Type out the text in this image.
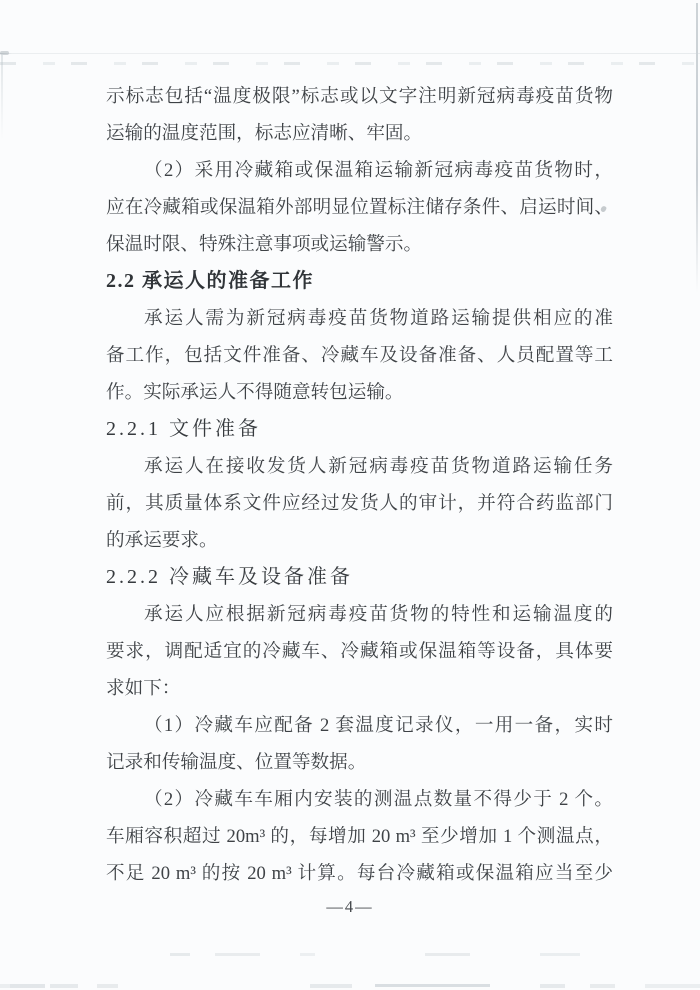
示标志包括“温度极限”标志或以文字注明新冠病毒疫苗货物
运输的温度范围，标志应清晰、牢固。
（2）采用冷藏箱或保温箱运输新冠病毒疫苗货物时，
应在冷藏箱或保温箱外部明显位置标注储存条件、启运时间、
保温时限、特殊注意事项或运输警示。
2.2 承运人的准备工作
承运人需为新冠病毒疫苗货物道路运输提供相应的准
备工作，包括文件准备、冷藏车及设备准备、人员配置等工
作。实际承运人不得随意转包运输。
2.2.1 文件准备
承运人在接收发货人新冠病毒疫苗货物道路运输任务
前，其质量体系文件应经过发货人的审计，并符合药监部门
的承运要求。
2.2.2 冷藏车及设备准备
承运人应根据新冠病毒疫苗货物的特性和运输温度的
要求，调配适宜的冷藏车、冷藏箱或保温箱等设备，具体要
求如下：
（1）冷藏车应配备 2 套温度记录仪，一用一备，实时
记录和传输温度、位置等数据。
（2）冷藏车车厢内安装的测温点数量不得少于 2 个。
车厢容积超过 20m³ 的，每增加 20 m³ 至少增加 1 个测温点，
不足 20 m³ 的按 20 m³ 计算。每台冷藏箱或保温箱应当至少
—4—
